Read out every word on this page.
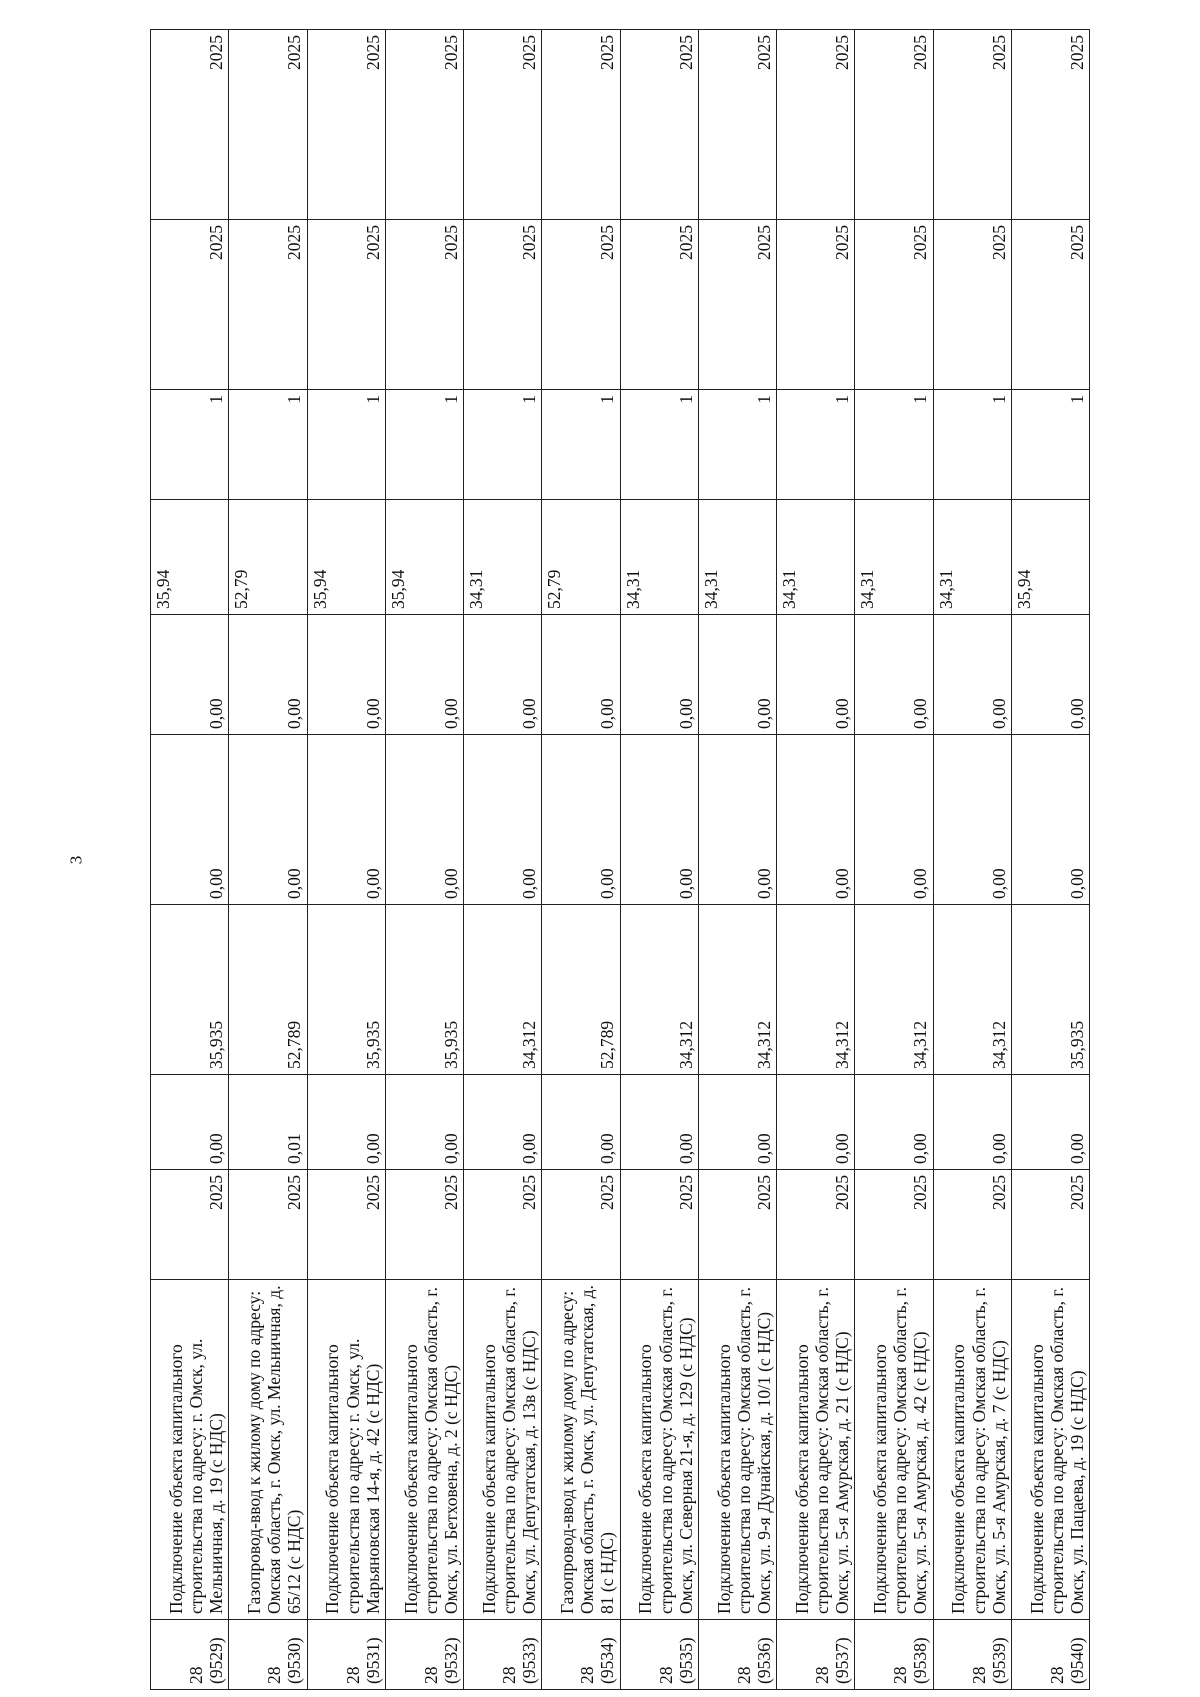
3
28 (9529)	Подключение объекта капитального строительства по адресу: г. Омск, ул. Мельничная, д. 19 (с НДС)	2025	0,00	35,935	0,00	0,00	35,94	1	2025	2025

28 (9530)	Газопровод-ввод к жилому дому по адресу: Омская область, г. Омск, ул. Мельничная, д. 65/12 (с НДС)	2025	0,01	52,789	0,00	0,00	52,79	1	2025	2025

28 (9531)	Подключение объекта капитального строительства по адресу: г. Омск, ул. Марьяновская 14-я, д. 42 (с НДС)	2025	0,00	35,935	0,00	0,00	35,94	1	2025	2025

28 (9532)	Подключение объекта капитального строительства по адресу: Омская область, г. Омск, ул. Бетховена, д. 2 (с НДС)	2025	0,00	35,935	0,00	0,00	35,94	1	2025	2025

28 (9533)	Подключение объекта капитального строительства по адресу: Омская область, г. Омск, ул. Депутатская, д. 13в (с НДС)	2025	0,00	34,312	0,00	0,00	34,31	1	2025	2025

28 (9534)	Газопровод-ввод к жилому дому по адресу: Омская область, г. Омск, ул. Депутатская, д. 81 (с НДС)	2025	0,00	52,789	0,00	0,00	52,79	1	2025	2025

28 (9535)	Подключение объекта капитального строительства по адресу: Омская область, г. Омск, ул. Северная 21-я, д. 129 (с НДС)	2025	0,00	34,312	0,00	0,00	34,31	1	2025	2025

28 (9536)	Подключение объекта капитального строительства по адресу: Омская область, г. Омск, ул. 9-я Дунайская, д. 10/1 (с НДС)	2025	0,00	34,312	0,00	0,00	34,31	1	2025	2025

28 (9537)	Подключение объекта капитального строительства по адресу: Омская область, г. Омск, ул. 5-я Амурская, д. 21 (с НДС)	2025	0,00	34,312	0,00	0,00	34,31	1	2025	2025

28 (9538)	Подключение объекта капитального строительства по адресу: Омская область, г. Омск, ул. 5-я Амурская, д. 42 (с НДС)	2025	0,00	34,312	0,00	0,00	34,31	1	2025	2025

28 (9539)	Подключение объекта капитального строительства по адресу: Омская область, г. Омск, ул. 5-я Амурская, д. 7 (с НДС)	2025	0,00	34,312	0,00	0,00	34,31	1	2025	2025

28 (9540)	Подключение объекта капитального строительства по адресу: Омская область, г. Омск, ул. Пацаева, д. 19 (с НДС)	2025	0,00	35,935	0,00	0,00	35,94	1	2025	2025
